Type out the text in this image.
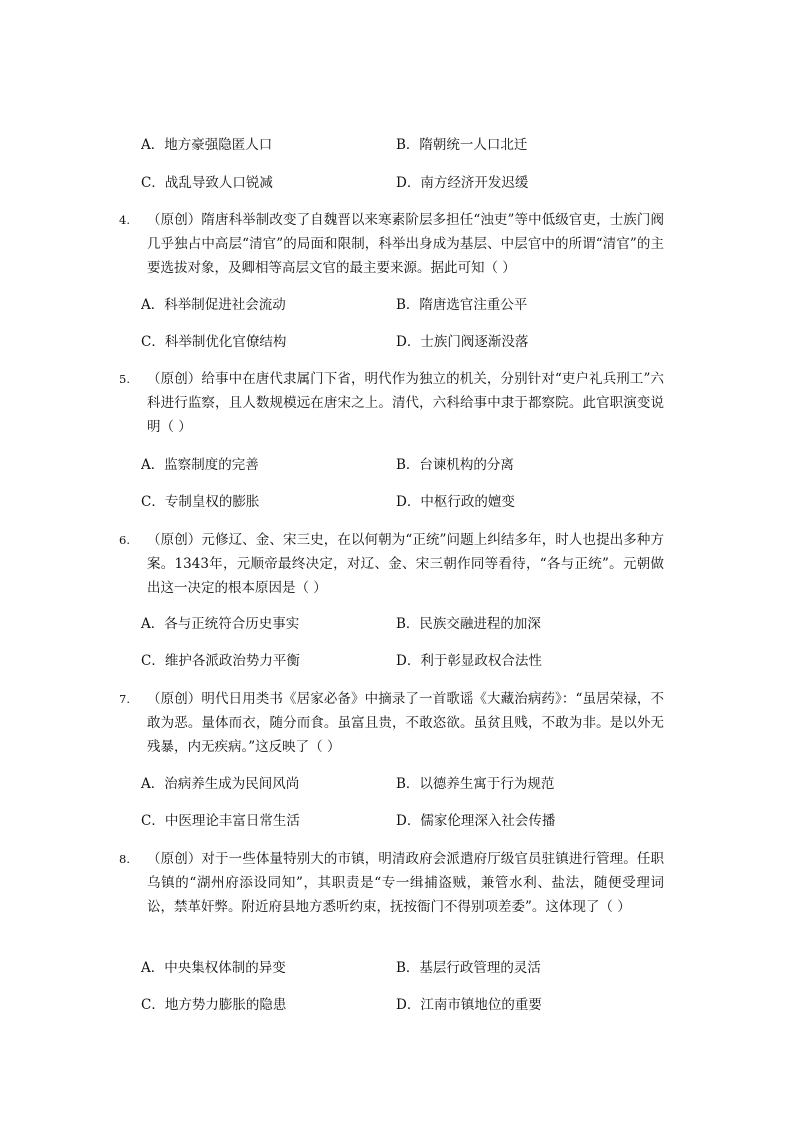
A．地方豪强隐匿人口	B．隋朝统一人口北迁
C．战乱导致人口锐减	D．南方经济开发迟缓
4. （原创）隋唐科举制改变了自魏晋以来寒素阶层多担任“浊吏”等中低级官吏，士族门阀几乎独占中高层“清官”的局面和限制，科举出身成为基层、中层官中的所谓“清官”的主要选拔对象，及卿相等高层文官的最主要来源。据此可知（ ）
A．科举制促进社会流动	B．隋唐选官注重公平
C．科举制优化官僚结构	D．士族门阀逐渐没落
5. （原创）给事中在唐代隶属门下省，明代作为独立的机关，分别针对“吏户礼兵刑工”六科进行监察，且人数规模远在唐宋之上。清代，六科给事中隶于都察院。此官职演变说明（ ）
A．监察制度的完善	B．台谏机构的分离
C．专制皇权的膨胀	D．中枢行政的嬗变
6. （原创）元修辽、金、宋三史，在以何朝为“正统”问题上纠结多年，时人也提出多种方案。1343年，元顺帝最终决定，对辽、金、宋三朝作同等看待，“各与正统”。元朝做出这一决定的根本原因是（ ）
A．各与正统符合历史事实	B．民族交融进程的加深
C．维护各派政治势力平衡	D．利于彰显政权合法性
7. （原创）明代日用类书《居家必备》中摘录了一首歌谣《大藏治病药》：“虽居荣禄，不敢为恶。量体而衣，随分而食。虽富且贵，不敢恣欲。虽贫且贱，不敢为非。是以外无残暴，内无疾病。”这反映了（ ）
A．治病养生成为民间风尚	B．以德养生寓于行为规范
C．中医理论丰富日常生活	D．儒家伦理深入社会传播
8. （原创）对于一些体量特别大的市镇，明清政府会派遣府厅级官员驻镇进行管理。任职乌镇的“湖州府添设同知”，其职责是“专一缉捕盗贼，兼管水利、盐法，随便受理词讼，禁革奸弊。附近府县地方悉听约束，抚按衙门不得别项差委”。这体现了（ ）
A．中央集权体制的异变	B．基层行政管理的灵活
C．地方势力膨胀的隐患	D．江南市镇地位的重要
